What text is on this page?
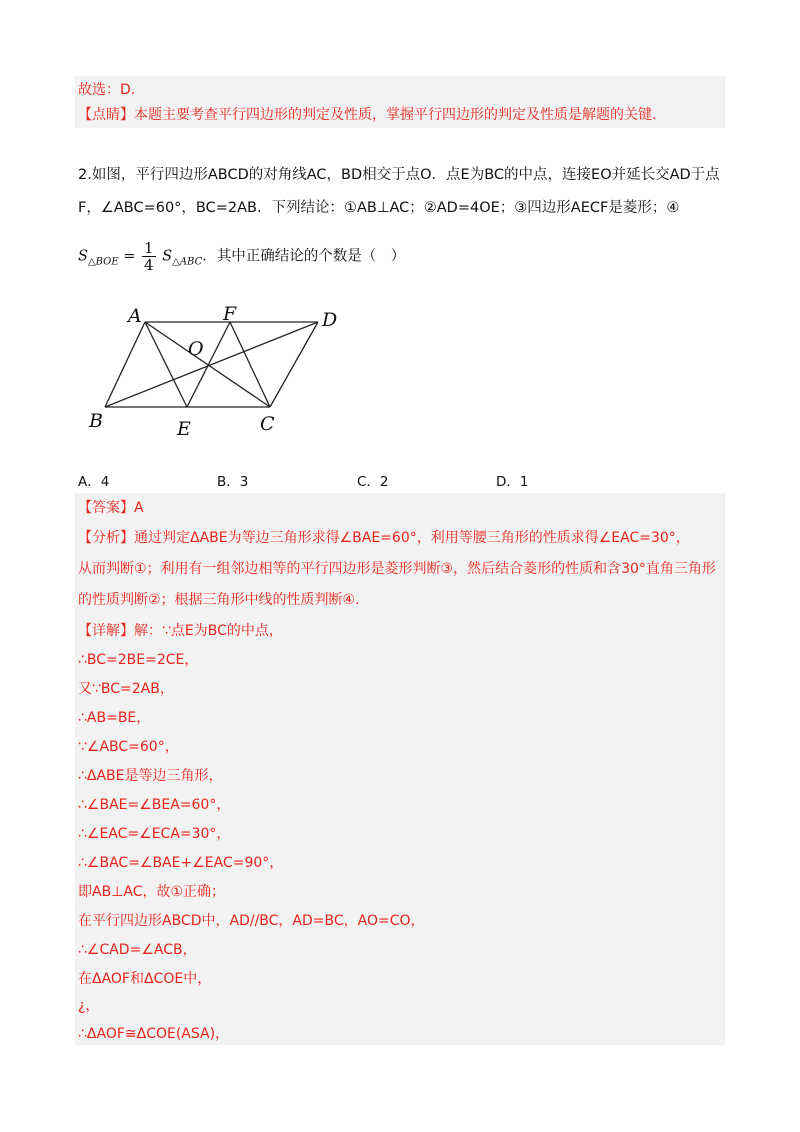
故选：D.
【点睛】本题主要考查平行四边形的判定及性质，掌握平行四边形的判定及性质是解题的关键.
2.如图，平行四边形ABCD的对角线AC，BD相交于点O．点E为BC的中点，连接EO并延长交AD于点
F，∠ABC=60°，BC=2AB．下列结论：①AB⊥AC；②AD=4OE；③四边形AECF是菱形；④
$S_{\triangle BOE} = \frac{1}{4} S_{\triangle ABC}$．其中正确结论的个数是（　）
A	F	D
O
B	E	C
A．4	B．3	C．2	D．1
【答案】A
【分析】通过判定ΔABE为等边三角形求得∠BAE=60°，利用等腰三角形的性质求得∠EAC=30°，
从而判断①；利用有一组邻边相等的平行四边形是菱形判断③，然后结合菱形的性质和含30°直角三角形
的性质判断②；根据三角形中线的性质判断④.
【详解】解：∵点E为BC的中点，
∴BC=2BE=2CE，
又∵BC=2AB，
∴AB=BE，
∵∠ABC=60°，
∴ΔABE是等边三角形，
∴∠BAE=∠BEA=60°，
∴∠EAC=∠ECA=30°，
∴∠BAC=∠BAE+∠EAC=90°，
即AB⊥AC，故①正确；
在平行四边形ABCD中，AD//BC，AD=BC，AO=CO，
∴∠CAD=∠ACB，
在ΔAOF和ΔCOE中，
¿，
∴ΔAOF≅ΔCOE(ASA)，
